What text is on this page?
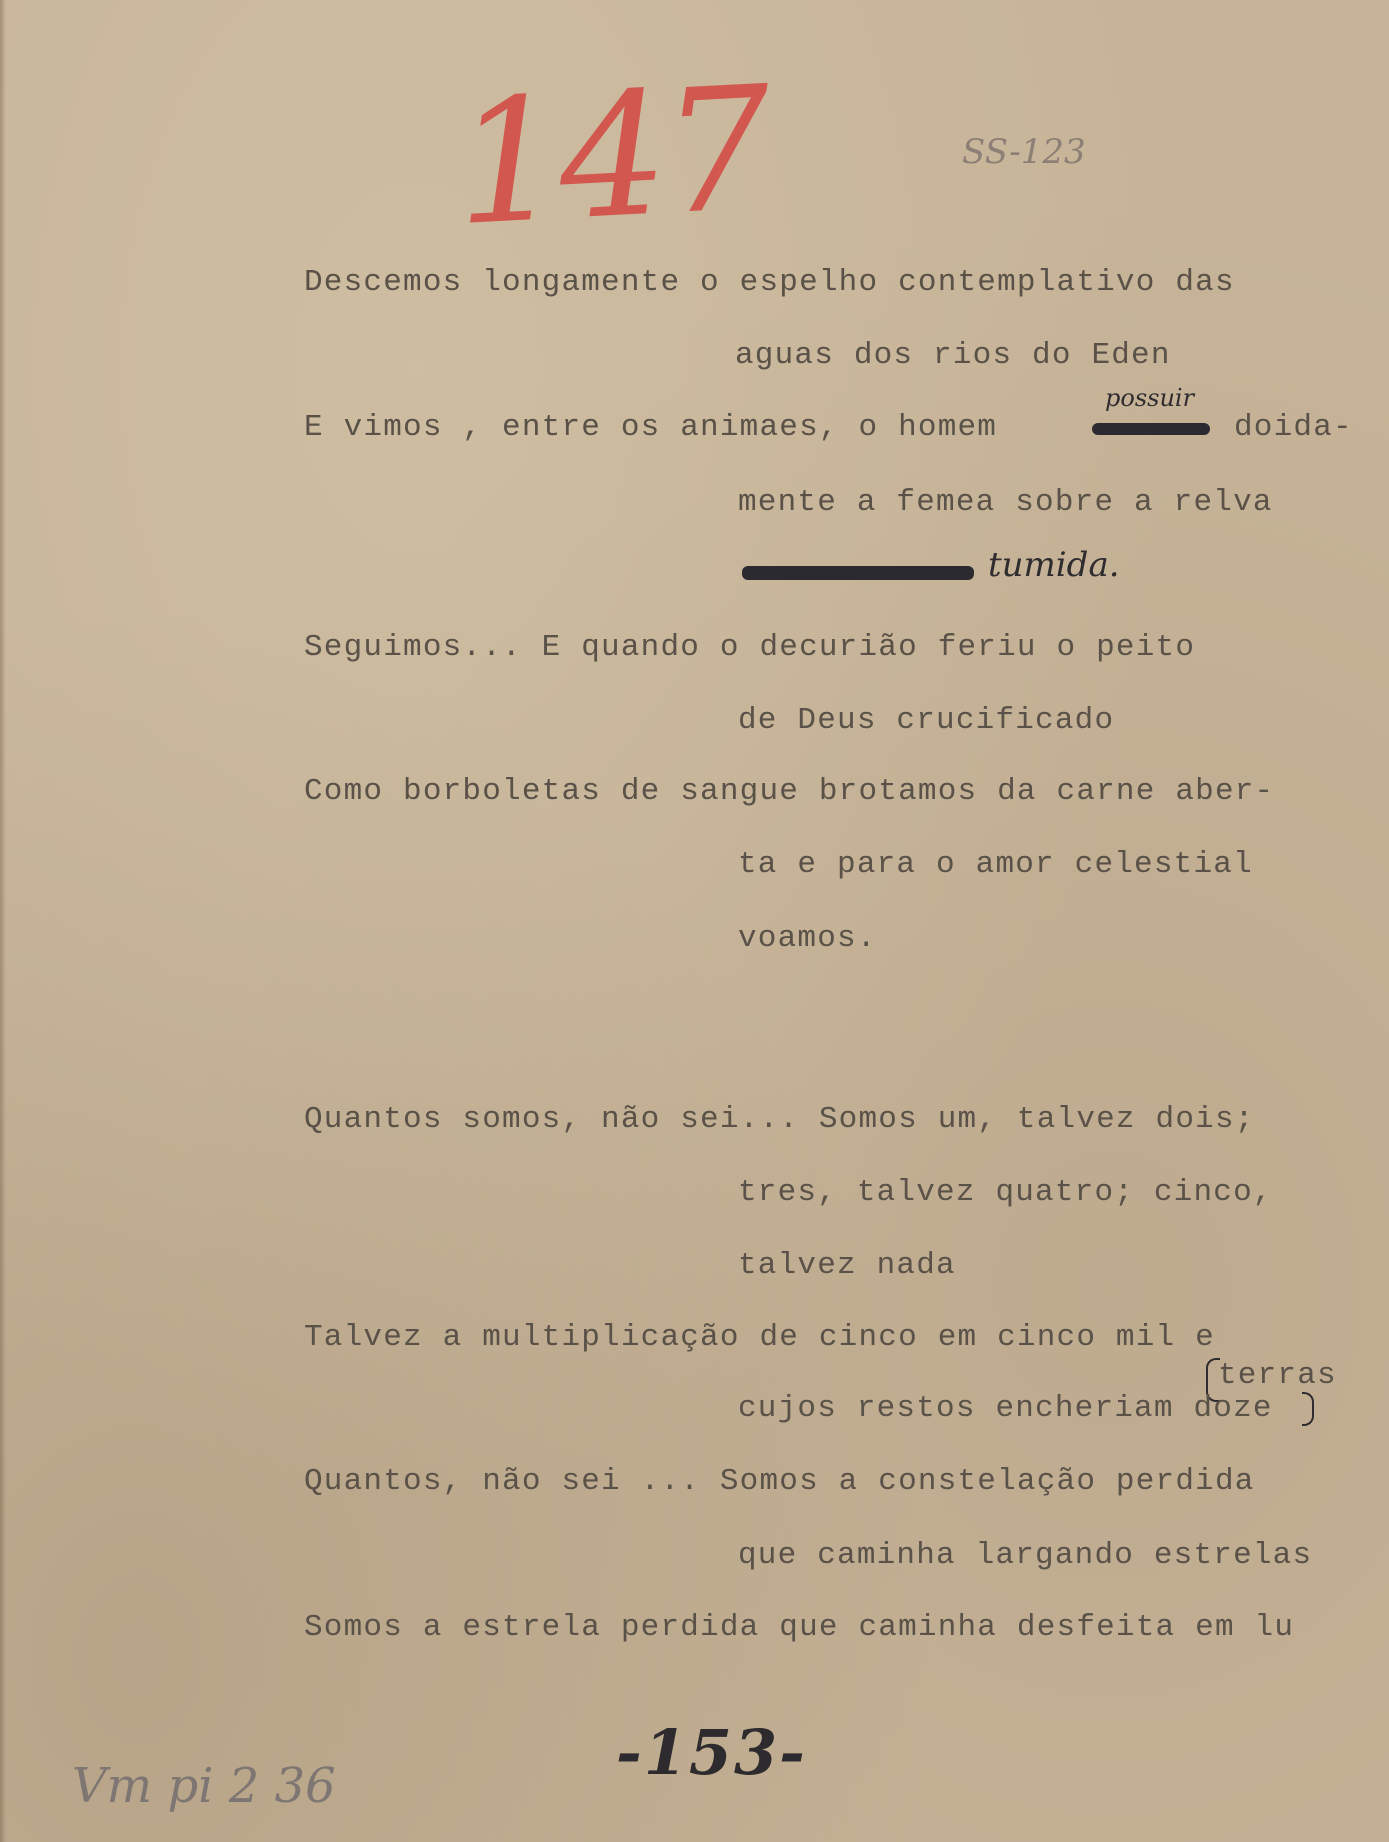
147	SS-123
Descemos longamente o espelho contemplativo das
aguas dos rios do Eden
E vimos , entre os animaes, o homem
possuir
doida-
mente a femea sobre a relva
tumida.
Seguimos... E quando o decurião feriu o peito
de Deus crucificado
Como borboletas de sangue brotamos da carne aber-
ta e para o amor celestial
voamos.
Quantos somos, não sei... Somos um, talvez dois;
tres, talvez quatro; cinco,
talvez nada
Talvez a multiplicação de cinco em cinco mil e
terras
cujos restos encheriam doze
Quantos, não sei ... Somos a constelação perdida
que caminha largando estrelas
Somos a estrela perdida que caminha desfeita em lu
-153-
Vm pi 2 36
